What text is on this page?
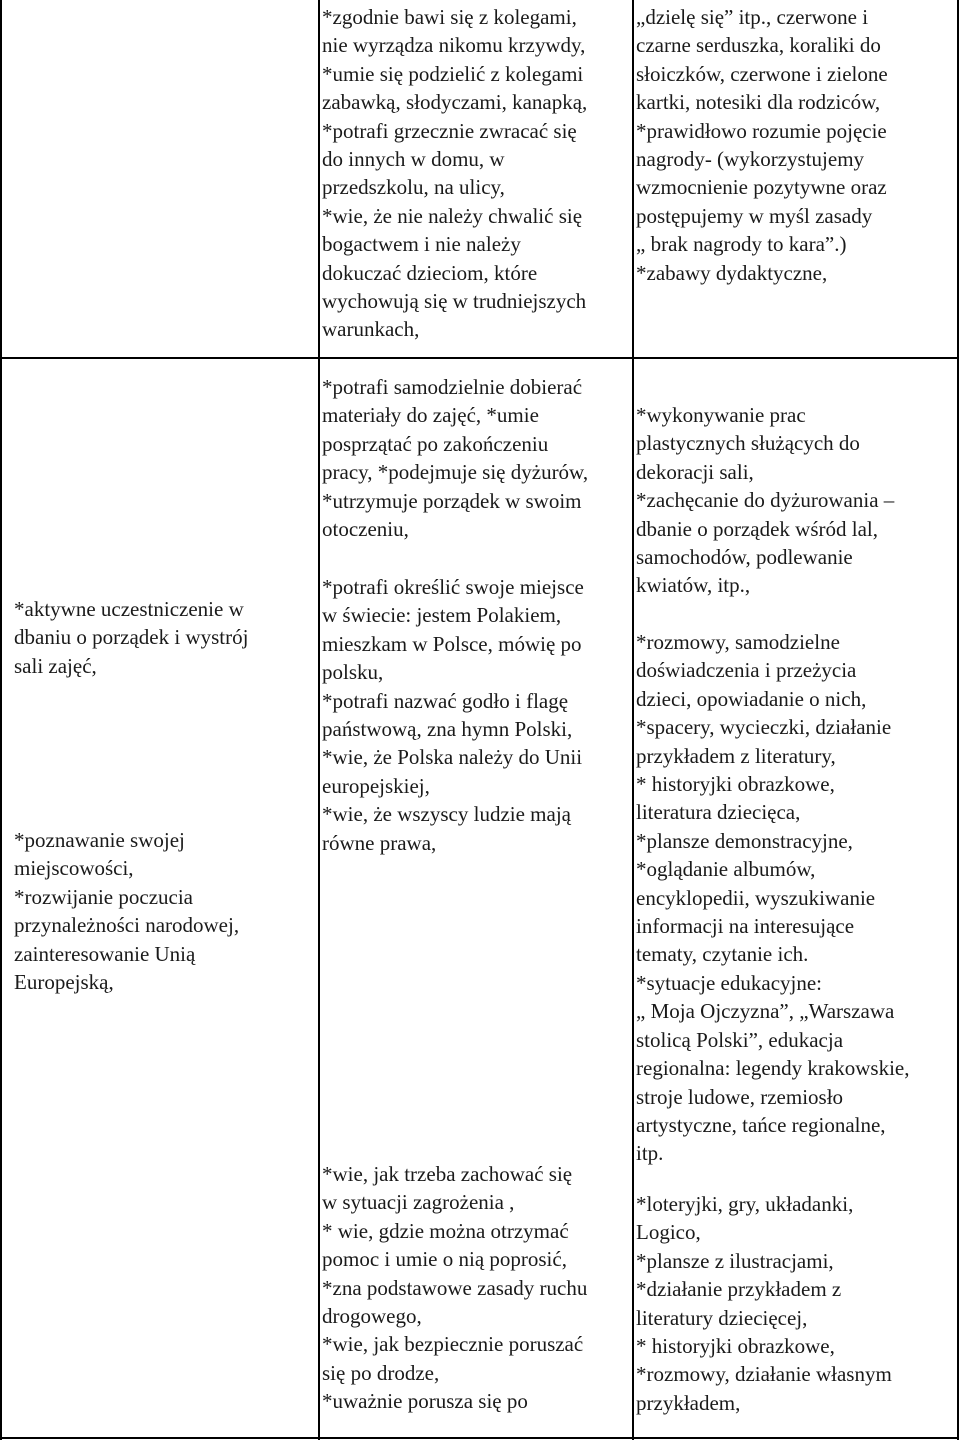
*zgodnie bawi się z kolegami,
nie wyrządza nikomu krzywdy,
*umie się podzielić z kolegami
zabawką, słodyczami, kanapką,
*potrafi grzecznie zwracać się
do innych w domu, w
przedszkolu, na ulicy,
*wie, że nie należy chwalić się
bogactwem i nie należy
dokuczać dzieciom, które
wychowują się w trudniejszych
warunkach,
„dzielę się” itp., czerwone i
czarne serduszka, koraliki do
słoiczków, czerwone i zielone
kartki, notesiki dla rodziców,
*prawidłowo rozumie pojęcie
nagrody- (wykorzystujemy
wzmocnienie pozytywne oraz
postępujemy w myśl zasady
„ brak nagrody to kara”.)
*zabawy dydaktyczne,
*aktywne uczestniczenie w
dbaniu o porządek i wystrój
sali zajęć,
*poznawanie swojej
miejscowości,
*rozwijanie poczucia
przynależności narodowej,
zainteresowanie Unią
Europejską,
*potrafi samodzielnie dobierać
materiały do zajęć, *umie
posprzątać po zakończeniu
pracy, *podejmuje się dyżurów,
*utrzymuje porządek w swoim
otoczeniu,
*potrafi określić swoje miejsce
w świecie: jestem Polakiem,
mieszkam w Polsce, mówię po
polsku,
*potrafi nazwać godło i flagę
państwową, zna hymn Polski,
*wie, że Polska należy do Unii
europejskiej,
*wie, że wszyscy ludzie mają
równe prawa,
*wie, jak trzeba zachować się
w sytuacji zagrożenia ,
* wie, gdzie można otrzymać
pomoc i umie o nią poprosić,
*zna podstawowe zasady ruchu
drogowego,
*wie, jak bezpiecznie poruszać
się po drodze,
*uważnie porusza się po
*wykonywanie prac
plastycznych służących do
dekoracji sali,
*zachęcanie do dyżurowania –
dbanie o porządek wśród lal,
samochodów, podlewanie
kwiatów, itp.,
*rozmowy, samodzielne
doświadczenia i przeżycia
dzieci, opowiadanie o nich,
*spacery, wycieczki, działanie
przykładem z literatury,
* historyjki obrazkowe,
literatura dziecięca,
*plansze demonstracyjne,
*oglądanie albumów,
encyklopedii, wyszukiwanie
informacji na interesujące
tematy, czytanie ich.
*sytuacje edukacyjne:
„ Moja Ojczyzna”, „Warszawa
stolicą Polski”, edukacja
regionalna: legendy krakowskie,
stroje ludowe, rzemiosło
artystyczne, tańce regionalne,
itp.
*loteryjki, gry, układanki,
Logico,
*plansze z ilustracjami,
*działanie przykładem z
literatury dziecięcej,
* historyjki obrazkowe,
*rozmowy, działanie własnym
przykładem,
